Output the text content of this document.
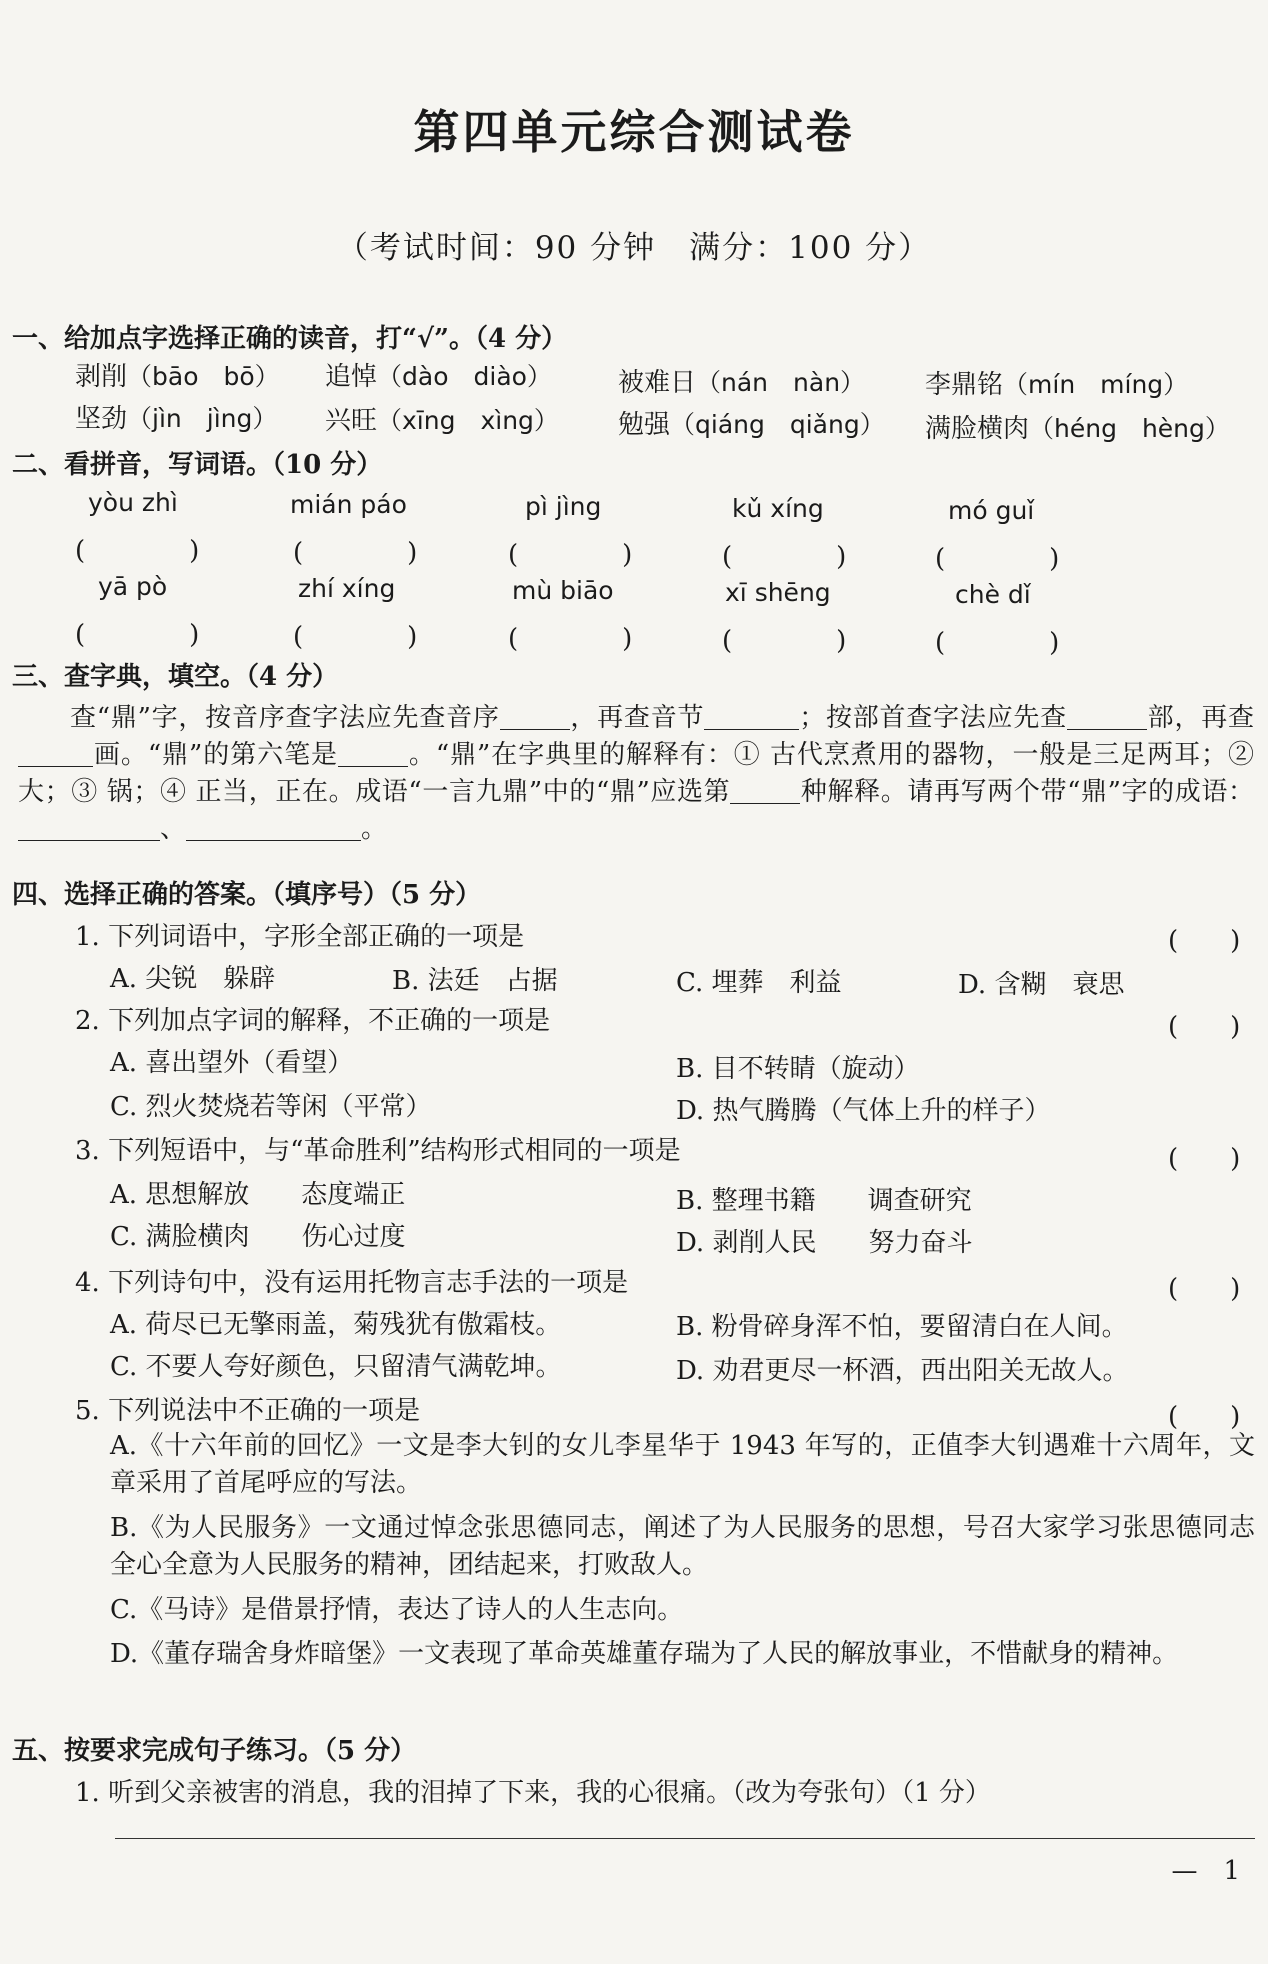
第四单元综合测试卷
（考试时间：90 分钟　满分：100 分）
一、给加点字选择正确的读音，打“√”。（4 分）
剥削（bāo　bō） 追悼（dào　diào）	被难日（nán　nàn） 李鼎铭（mín　míng）
坚劲（jìn　jìng） 兴旺（xīng　xìng） 勉强（qiáng　qiǎng） 满脸横肉（héng　hèng）
二、看拼音，写词语。（10 分）
yòu zhì	mián páo	pì jìng	kǔ xíng	mó guǐ
(　　　　)	(　　　　)	(　　　　)	(　　　　)	(　　　　)
yā pò	zhí xíng	mù biāo	xī shēng	chè dǐ
(　　　　)	(　　　　)	(　　　　)	(　　　　)	(　　　　)
三、查字典，填空。（4 分）
查“鼎”字，按音序查字法应先查音序	，再查音节	；按部首查字法应先查	部，再查画。“鼎”的第六笔是	。“鼎”在字典里的解释有：① 古代烹煮用的器物，一般是三足两耳；② 大；③ 锅；④ 正当，正在。成语“一言九鼎”中的“鼎”应选第	种解释。请再写两个带“鼎”字的成语：、	。
四、选择正确的答案。（填序号）（5 分）
1. 下列词语中，字形全部正确的一项是	(　　)
A. 尖锐　躲辟	B. 法廷　占据	C. 埋葬　利益	D. 含糊　衰思
2. 下列加点字词的解释，不正确的一项是	(　　)
A. 喜出望外（看望）	B. 目不转睛（旋动）
C. 烈火焚烧若等闲（平常）	D. 热气腾腾（气体上升的样子）
3. 下列短语中，与“革命胜利”结构形式相同的一项是	(　　)
A. 思想解放　　态度端正	B. 整理书籍　　调查研究
C. 满脸横肉　　伤心过度	D. 剥削人民　　努力奋斗
4. 下列诗句中，没有运用托物言志手法的一项是	(　　)
A. 荷尽已无擎雨盖，菊残犹有傲霜枝。	B. 粉骨碎身浑不怕，要留清白在人间。
C. 不要人夸好颜色，只留清气满乾坤。	D. 劝君更尽一杯酒，西出阳关无故人。
5. 下列说法中不正确的一项是	(　　)
A.《十六年前的回忆》一文是李大钊的女儿李星华于 1943 年写的，正值李大钊遇难十六周年，文章采用了首尾呼应的写法。
B.《为人民服务》一文通过悼念张思德同志，阐述了为人民服务的思想，号召大家学习张思德同志全心全意为人民服务的精神，团结起来，打败敌人。
C.《马诗》是借景抒情，表达了诗人的人生志向。
D.《董存瑞舍身炸暗堡》一文表现了革命英雄董存瑞为了人民的解放事业，不惜献身的精神。
五、按要求完成句子练习。（5 分）
1. 听到父亲被害的消息，我的泪掉了下来，我的心很痛。（改为夸张句）（1 分）
—　1
